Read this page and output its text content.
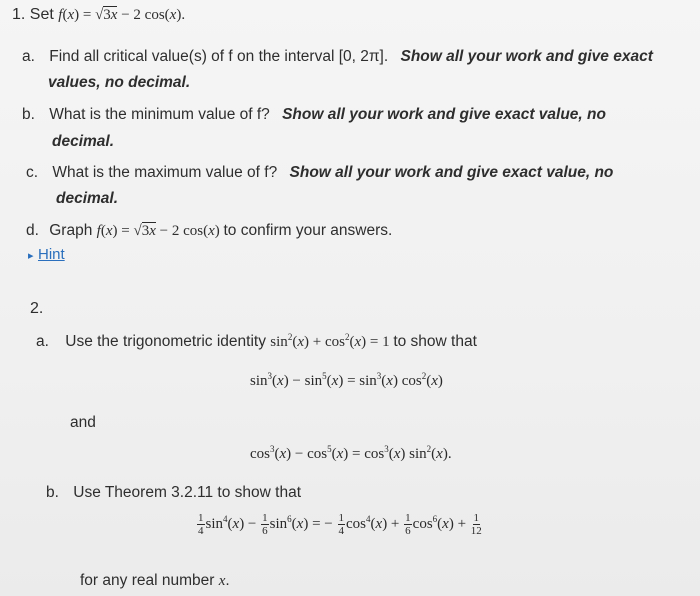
1. Set f(x) = √3x − 2 cos(x).
a. Find all critical value(s) of f on the interval [0, 2π]. Show all your work and give exact
values, no decimal.
b. What is the minimum value of f? Show all your work and give exact value, no
decimal.
c. What is the maximum value of f? Show all your work and give exact value, no
decimal.
d. Graph f(x) = √3x − 2 cos(x) to confirm your answers.
▸ Hint
2.
a. Use the trigonometric identity $\sin^2(x) + \cos^2(x) = 1$ to show that
$\sin^3(x) - \sin^5(x) = \sin^3(x)$ $\cos^2(x)$
and
$\cos^3(x) - \cos^5(x) = \cos^3(x)$ $\sin^2(x)$.
b. Use Theorem 3.2.11 to show that
$\frac{1}{4} \sin^4(x) - \frac{1}{6} \sin^6(x)$ = − $\frac{1}{4} \cos^4(x) + \frac{1}{6} \cos^6(x) + \frac{1}{12}$
for any real number x.
